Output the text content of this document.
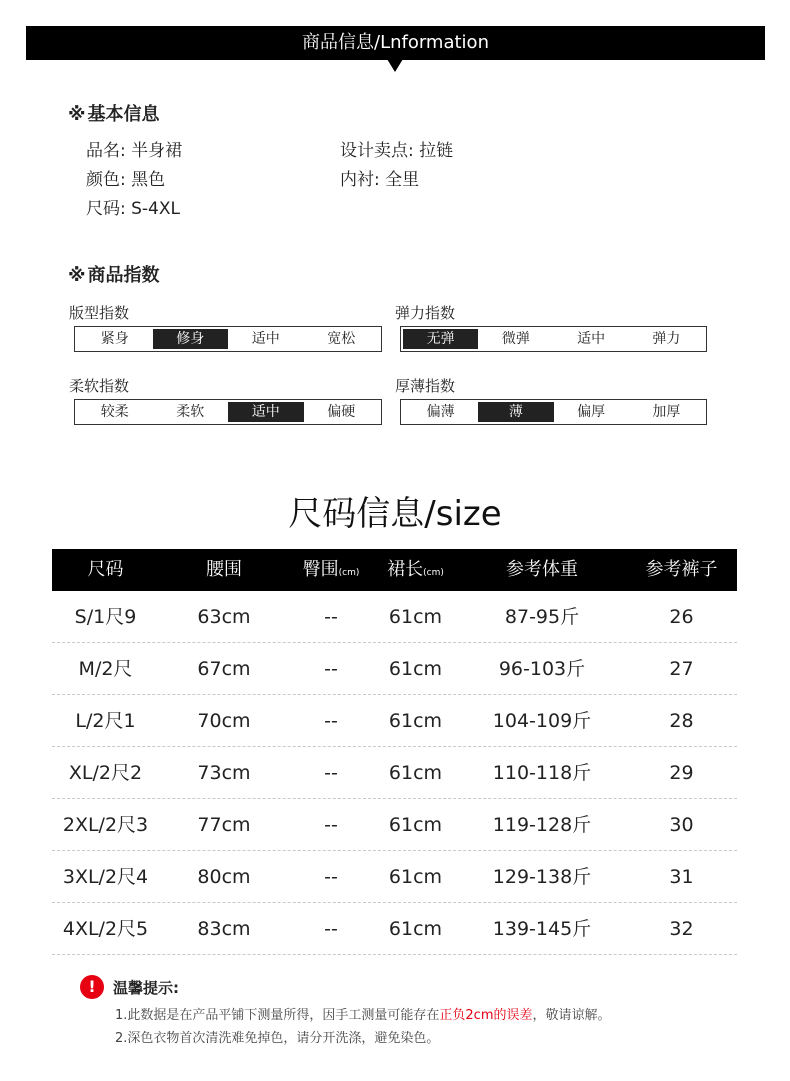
商品信息/Lnformation
※ 基本信息
品名: 半身裙
颜色: 黑色
尺码: S-4XL
设计卖点: 拉链
内衬: 全里
※ 商品指数
版型指数
紧身	修身	适中	宽松
弹力指数
无弹	微弹	适中	弹力
柔软指数
较柔	柔软	适中	偏硬
厚薄指数
偏薄	薄	偏厚	加厚
尺码信息/size
尺码	腰围	臀围(cm)	裙长(cm)	参考体重	参考裤子
S/1尺9	63cm	--	61cm	87-95斤	26
M/2尺	67cm	--	61cm	96-103斤	27
L/2尺1	70cm	--	61cm	104-109斤	28
XL/2尺2	73cm	--	61cm	110-118斤	29
2XL/2尺3	77cm	--	61cm	119-128斤	30
3XL/2尺4	80cm	--	61cm	129-138斤	31
4XL/2尺5	83cm	--	61cm	139-145斤	32
!	温馨提示:
1.此数据是在产品平铺下测量所得，因手工测量可能存在正负2cm的误差，敬请谅解。
2.深色衣物首次清洗难免掉色，请分开洗涤，避免染色。
